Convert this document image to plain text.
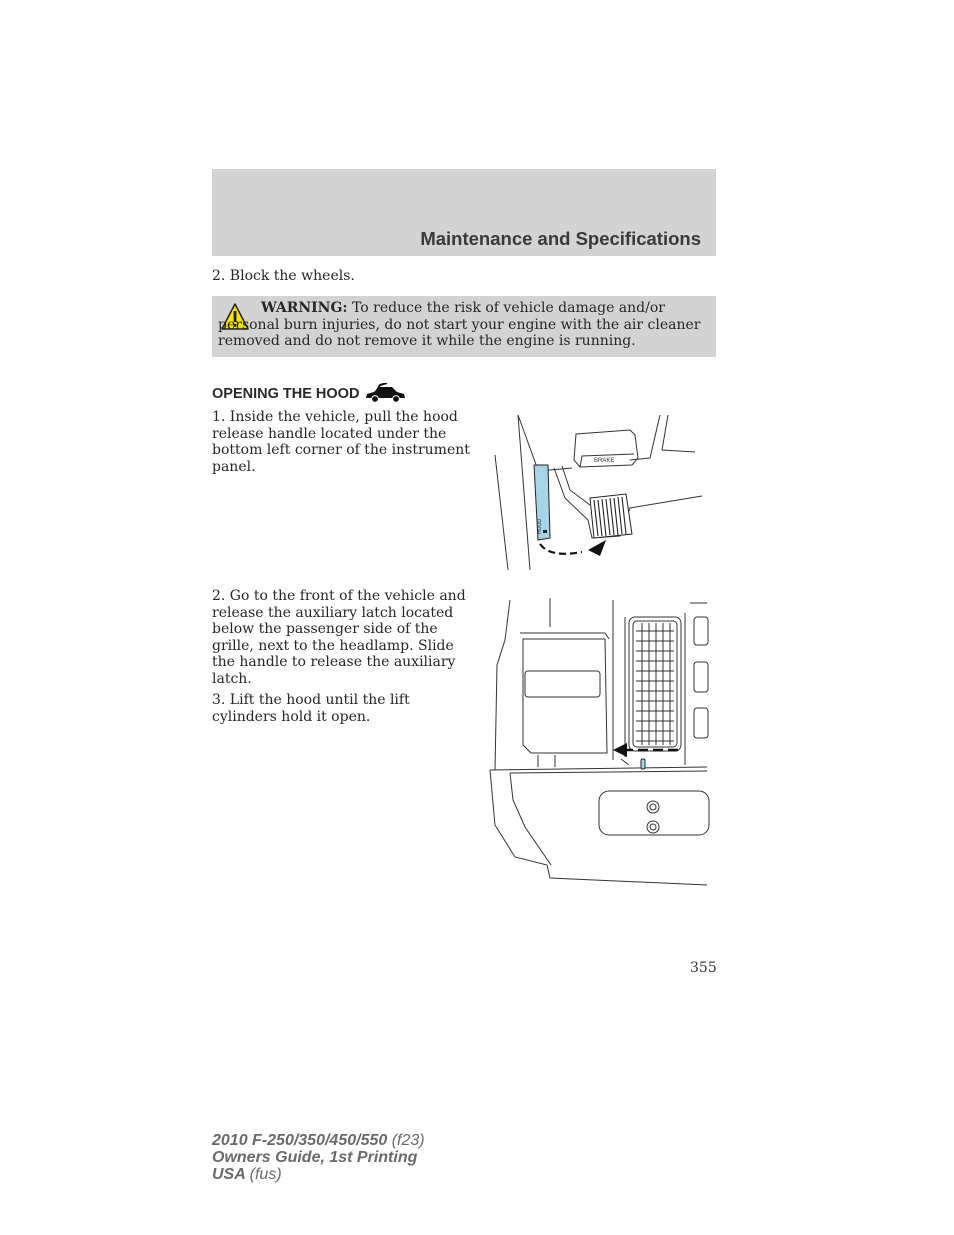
Maintenance and Specifications
2. Block the wheels.
WARNING: To reduce the risk of vehicle damage and/or personal burn injuries, do not start your engine with the air cleaner removed and do not remove it while the engine is running.
OPENING THE HOOD
1. Inside the vehicle, pull the hood release handle located under the bottom left corner of the instrument panel.	BRAKE
HOOD
2. Go to the front of the vehicle and release the auxiliary latch located below the passenger side of the grille, next to the headlamp. Slide the handle to release the auxiliary latch.
3. Lift the hood until the lift cylinders hold it open.
355
2010 F-250/350/450/550 (f23)
Owners Guide, 1st Printing
USA (fus)
